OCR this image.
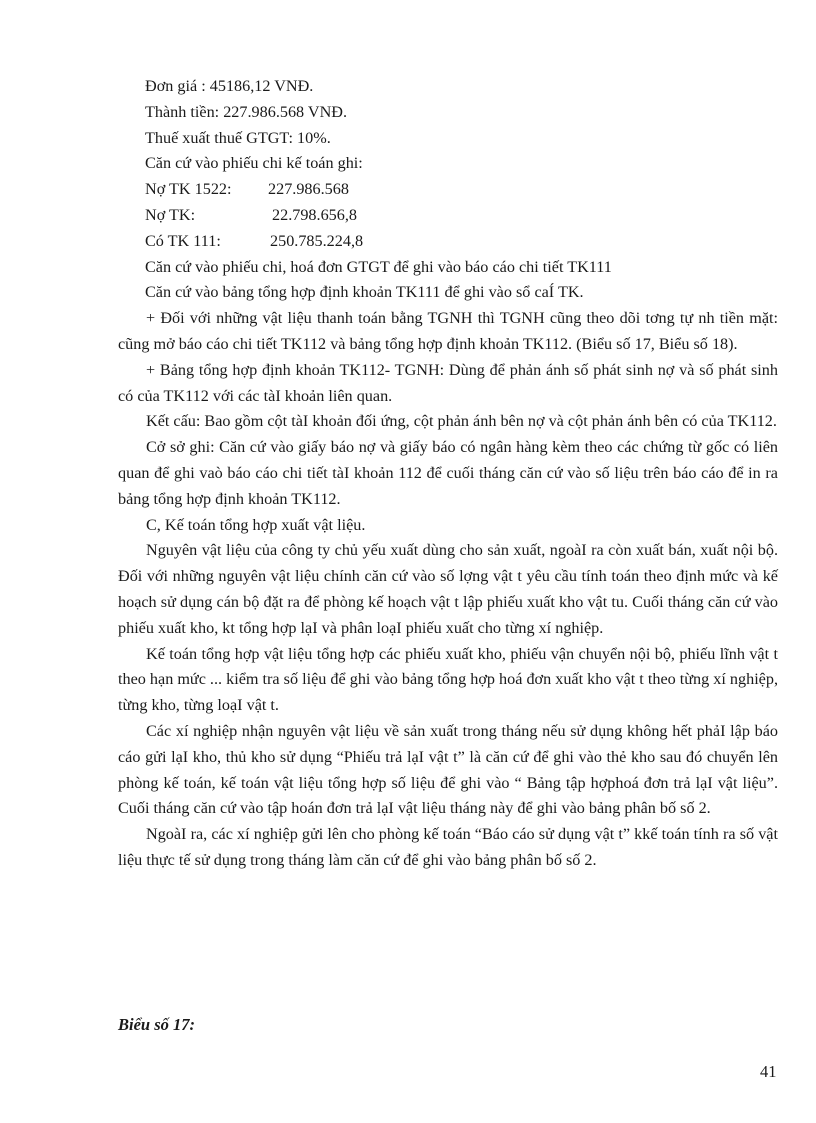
Đơn giá : 45186,12 VNĐ.
Thành tiền: 227.986.568 VNĐ.
Thuế xuất thuế GTGT: 10%.
Căn cứ vào phiếu chi kế toán ghi:
Nợ TK 1522: 227.986.568
Nợ TK:	22.798.656,8
Có TK 111:	250.785.224,8
Căn cứ vào phiếu chi, hoá đơn GTGT để ghi vào báo cáo chi tiết TK111
Căn cứ vào bảng tổng hợp định khoản TK111 để ghi vào sổ caÍ TK.

+ Đối với những vật liệu thanh toán bằng TGNH thì TGNH cũng theo dõi tơng tự nh tiền mặt: cũng mở báo cáo chi tiết TK112 và bảng tổng hợp định khoản TK112. (Biểu số 17, Biểu số 18).

+ Bảng tổng hợp định khoản TK112- TGNH: Dùng để phản ánh số phát sinh nợ và số phát sinh có của TK112 với các tàI khoản liên quan.

Kết cấu: Bao gồm cột tàI khoản đối ứng, cột phản ánh bên nợ và cột phản ánh bên có của TK112.

Cở sở ghi: Căn cứ vào giấy báo nợ và giấy báo có ngân hàng kèm theo các chứng từ gốc có liên quan để ghi vaò báo cáo chi tiết tàI khoản 112 để cuối tháng căn cứ vào số liệu trên báo cáo để in ra bảng tổng hợp định khoản TK112.

C, Kế toán tổng hợp xuất vật liệu.

Nguyên vật liệu của công ty chủ yếu xuất dùng cho sản xuất, ngoàI ra còn xuất bán, xuất nội bộ. Đối với những nguyên vật liệu chính căn cứ vào số lợng vật t yêu cầu tính toán theo định mức và kế hoạch sử dụng cán bộ đặt ra để phòng kế hoạch vật t lập phiếu xuất kho vật tu. Cuối tháng căn cứ vào phiếu xuất kho, kt tổng hợp lạI và phân loạI phiếu xuất cho từng xí nghiệp.

Kế toán tổng hợp vật liệu tổng hợp các phiếu xuất kho, phiếu vận chuyển nội bộ, phiếu lĩnh vật t theo hạn mức ... kiểm tra số liệu để ghi vào bảng tổng hợp hoá đơn xuất kho vật t theo từng xí nghiệp, từng kho, từng loạI vật t.

Các xí nghiệp nhận nguyên vật liệu về sản xuất trong tháng nếu sử dụng không hết phảI lập báo cáo gửi lạI kho, thủ kho sử dụng “Phiếu trả lạI vật t” là căn cứ để ghi vào thẻ kho sau đó chuyển lên phòng kế toán, kế toán vật liệu tổng hợp số liệu để ghi vào “ Bảng tập hợphoá đơn trả lạI vật liệu”. Cuối tháng căn cứ vào tập hoán đơn trả lạI vật liệu tháng này để ghi vào bảng phân bố số 2.

NgoàI ra, các xí nghiệp gửi lên cho phòng kế toán “Báo cáo sử dụng vật t” kkế toán tính ra số vật liệu thực tế sử dụng trong tháng làm căn cứ để ghi vào bảng phân bố số 2.

Biểu số 17:
41
